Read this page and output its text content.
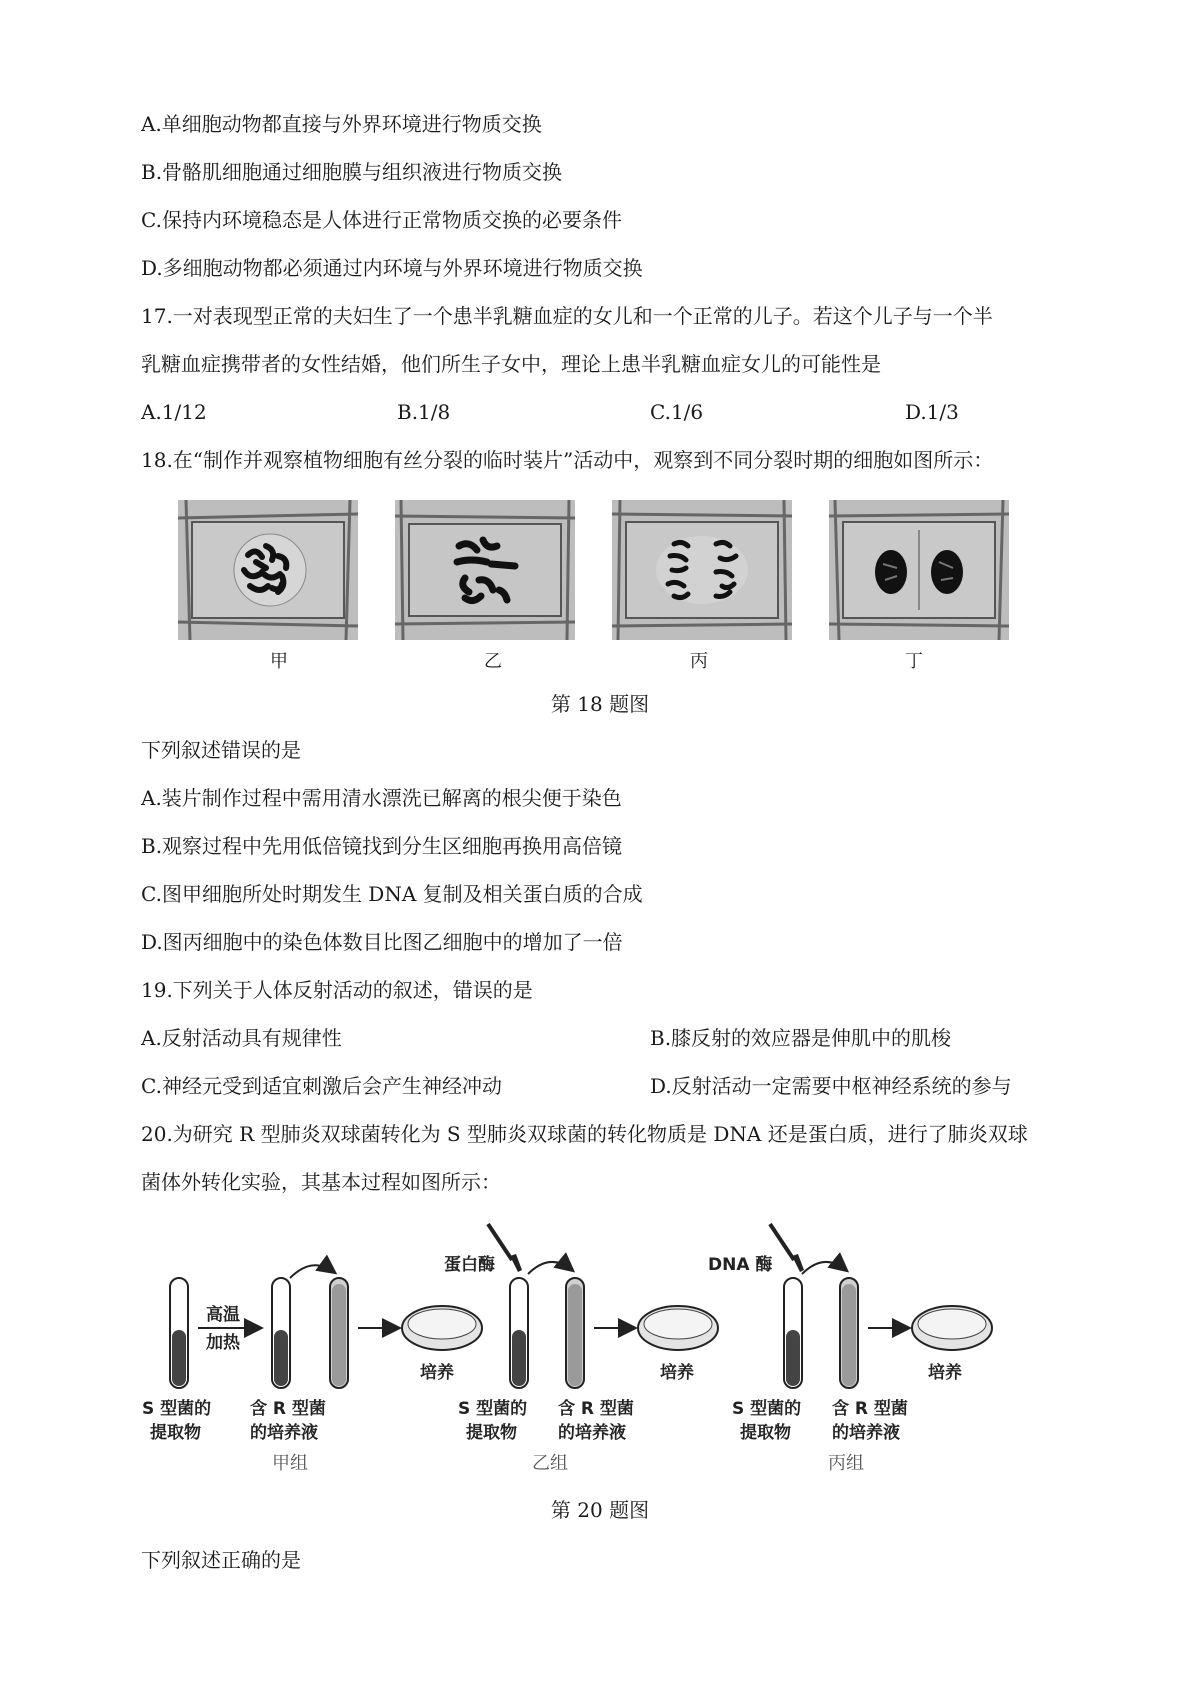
A.单细胞动物都直接与外界环境进行物质交换
B.骨骼肌细胞通过细胞膜与组织液进行物质交换
C.保持内环境稳态是人体进行正常物质交换的必要条件
D.多细胞动物都必须通过内环境与外界环境进行物质交换
17.一对表现型正常的夫妇生了一个患半乳糖血症的女儿和一个正常的儿子。若这个儿子与一个半
乳糖血症携带者的女性结婚，他们所生子女中，理论上患半乳糖血症女儿的可能性是
A.1/12	B.1/8	C.1/6	D.1/3
18.在“制作并观察植物细胞有丝分裂的临时装片”活动中，观察到不同分裂时期的细胞如图所示：
甲	乙	丙	丁
第 18 题图
下列叙述错误的是
A.装片制作过程中需用清水漂洗已解离的根尖便于染色
B.观察过程中先用低倍镜找到分生区细胞再换用高倍镜
C.图甲细胞所处时期发生 DNA 复制及相关蛋白质的合成
D.图丙细胞中的染色体数目比图乙细胞中的增加了一倍
19.下列关于人体反射活动的叙述，错误的是
A.反射活动具有规律性	B.膝反射的效应器是伸肌中的肌梭
C.神经元受到适宜刺激后会产生神经冲动	D.反射活动一定需要中枢神经系统的参与
20.为研究 R 型肺炎双球菌转化为 S 型肺炎双球菌的转化物质是 DNA 还是蛋白质，进行了肺炎双球
菌体外转化实验，其基本过程如图所示：
高温
加热
S 型菌的
提取物
含 R 型菌
的培养液
培养
蛋白酶
S 型菌的
提取物
含 R 型菌
的培养液
培养
DNA 酶
S 型菌的
提取物
含 R 型菌
的培养液
培养
甲组	乙组	丙组
第 20 题图
下列叙述正确的是
